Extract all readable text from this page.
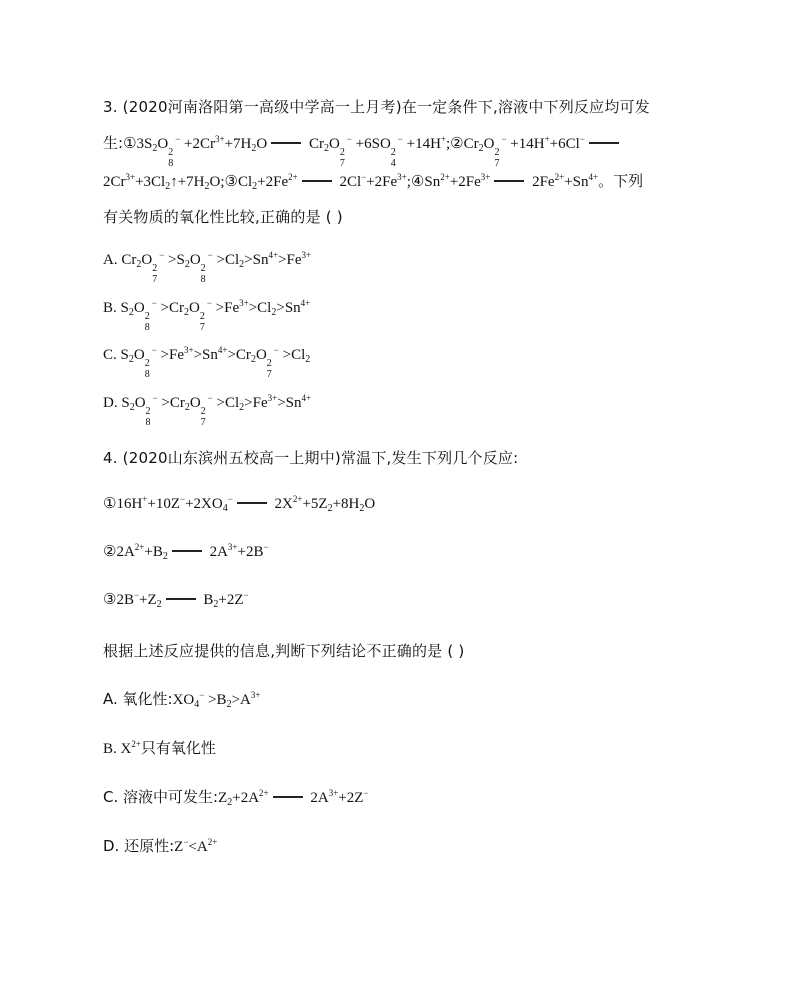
3. (2020河南洛阳第一高级中学高一上月考)在一定条件下,溶液中下列反应均可发
生$:①3S_2O$
2
8
$^- +2Cr^{3+}+7H_2O$	$Cr_2O$
2
7
− +6SO
2
4
$^- +14H^+;②Cr_2O$
2
7
− +14H++6Cl−
$2Cr^{3+}+3Cl_2↑+7H_2O;③Cl_2+2Fe^{2+}$	$2Cl^-+2Fe^{3+};④Sn^{2+}+2Fe^{3+}$	$2Fe^{2+}+Sn^{4+}$。下列
有关物质的氧化性比较,正确的是 ( )
A. $Cr_2O$
2
7
$^- >S_2O$
2
8
$^- >Cl_2>Sn^{4+}>Fe^{3+}$
B. $S_2O$
2
8
$^- >Cr_2O$
2
7
$^- >Fe^{3+}>Cl_2>Sn^{4+}$
C. $S_2O$
2
8
$^- >Fe^{3+}>Sn^{4+}>Cr_2O$
2
7
$^- >Cl_2$
D. $S_2O$
2
8
$^- >Cr_2O$
2
7
$^- >Cl_2>Fe^{3+}>Sn^{4+}$
4. (2020山东滨州五校高一上期中)常温下,发生下列几个反应:
$①16H^++10Z^-+2XO_4^-$	$2X^{2+}+5Z_2+8H_2O$
$②2A^{2+}+B_2$	$2A^{3+}+2B^-$
$③2B^-+Z_2$	$B_2+2Z^-$
根据上述反应提供的信息,判断下列结论不正确的是 ( )
A. 氧化性$:XO_4^- >B_2>A^{3+}$
B. $X^{2+}$只有氧化性
C. 溶液中可发生$:Z_2+2A^{2+}$	$2A^{3+}+2Z^-$
D. 还原性$:Z^-<A^{2+}$
